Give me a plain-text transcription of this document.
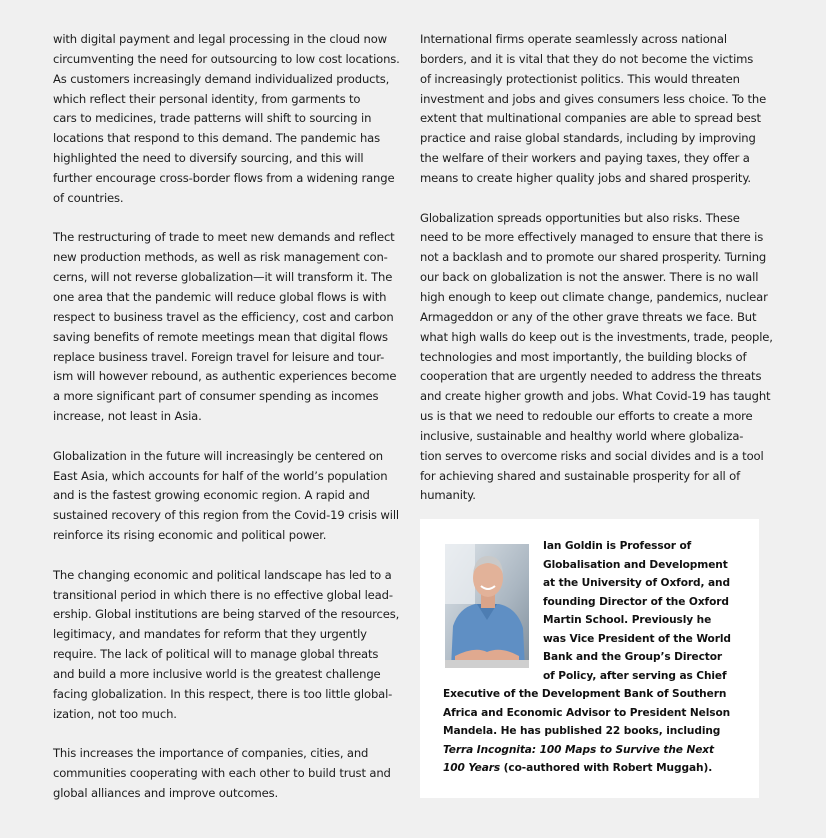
with digital payment and legal processing in the cloud now
circumventing the need for outsourcing to low cost locations.
As customers increasingly demand individualized products,
which reflect their personal identity, from garments to
cars to medicines, trade patterns will shift to sourcing in
locations that respond to this demand. The pandemic has
highlighted the need to diversify sourcing, and this will
further encourage cross-border flows from a widening range
of countries.

The restructuring of trade to meet new demands and reflect
new production methods, as well as risk management con-
cerns, will not reverse globalization—it will transform it. The
one area that the pandemic will reduce global flows is with
respect to business travel as the efficiency, cost and carbon
saving benefits of remote meetings mean that digital flows
replace business travel. Foreign travel for leisure and tour-
ism will however rebound, as authentic experiences become
a more significant part of consumer spending as incomes
increase, not least in Asia.

Globalization in the future will increasingly be centered on
East Asia, which accounts for half of the world’s population
and is the fastest growing economic region. A rapid and
sustained recovery of this region from the Covid-19 crisis will
reinforce its rising economic and political power.

The changing economic and political landscape has led to a
transitional period in which there is no effective global lead-
ership. Global institutions are being starved of the resources,
legitimacy, and mandates for reform that they urgently
require. The lack of political will to manage global threats
and build a more inclusive world is the greatest challenge
facing globalization. In this respect, there is too little global-
ization, not too much.

This increases the importance of companies, cities, and
communities cooperating with each other to build trust and
global alliances and improve outcomes.

International firms operate seamlessly across national
borders, and it is vital that they do not become the victims
of increasingly protectionist politics. This would threaten
investment and jobs and gives consumers less choice. To the
extent that multinational companies are able to spread best
practice and raise global standards, including by improving
the welfare of their workers and paying taxes, they offer a
means to create higher quality jobs and shared prosperity.

Globalization spreads opportunities but also risks. These
need to be more effectively managed to ensure that there is
not a backlash and to promote our shared prosperity. Turning
our back on globalization is not the answer. There is no wall
high enough to keep out climate change, pandemics, nuclear
Armageddon or any of the other grave threats we face. But
what high walls do keep out is the investments, trade, people,
technologies and most importantly, the building blocks of
cooperation that are urgently needed to address the threats
and create higher growth and jobs. What Covid-19 has taught
us is that we need to redouble our efforts to create a more
inclusive, sustainable and healthy world where globaliza-
tion serves to overcome risks and social divides and is a tool
for achieving shared and sustainable prosperity for all of
humanity.

Ian Goldin is Professor of
Globalisation and Development
at the University of Oxford, and
founding Director of the Oxford
Martin School. Previously he
was Vice President of the World
Bank and the Group’s Director
of Policy, after serving as Chief
Executive of the Development Bank of Southern
Africa and Economic Advisor to President Nelson
Mandela. He has published 22 books, including
Terra Incognita: 100 Maps to Survive the Next
100 Years (co-authored with Robert Muggah).
